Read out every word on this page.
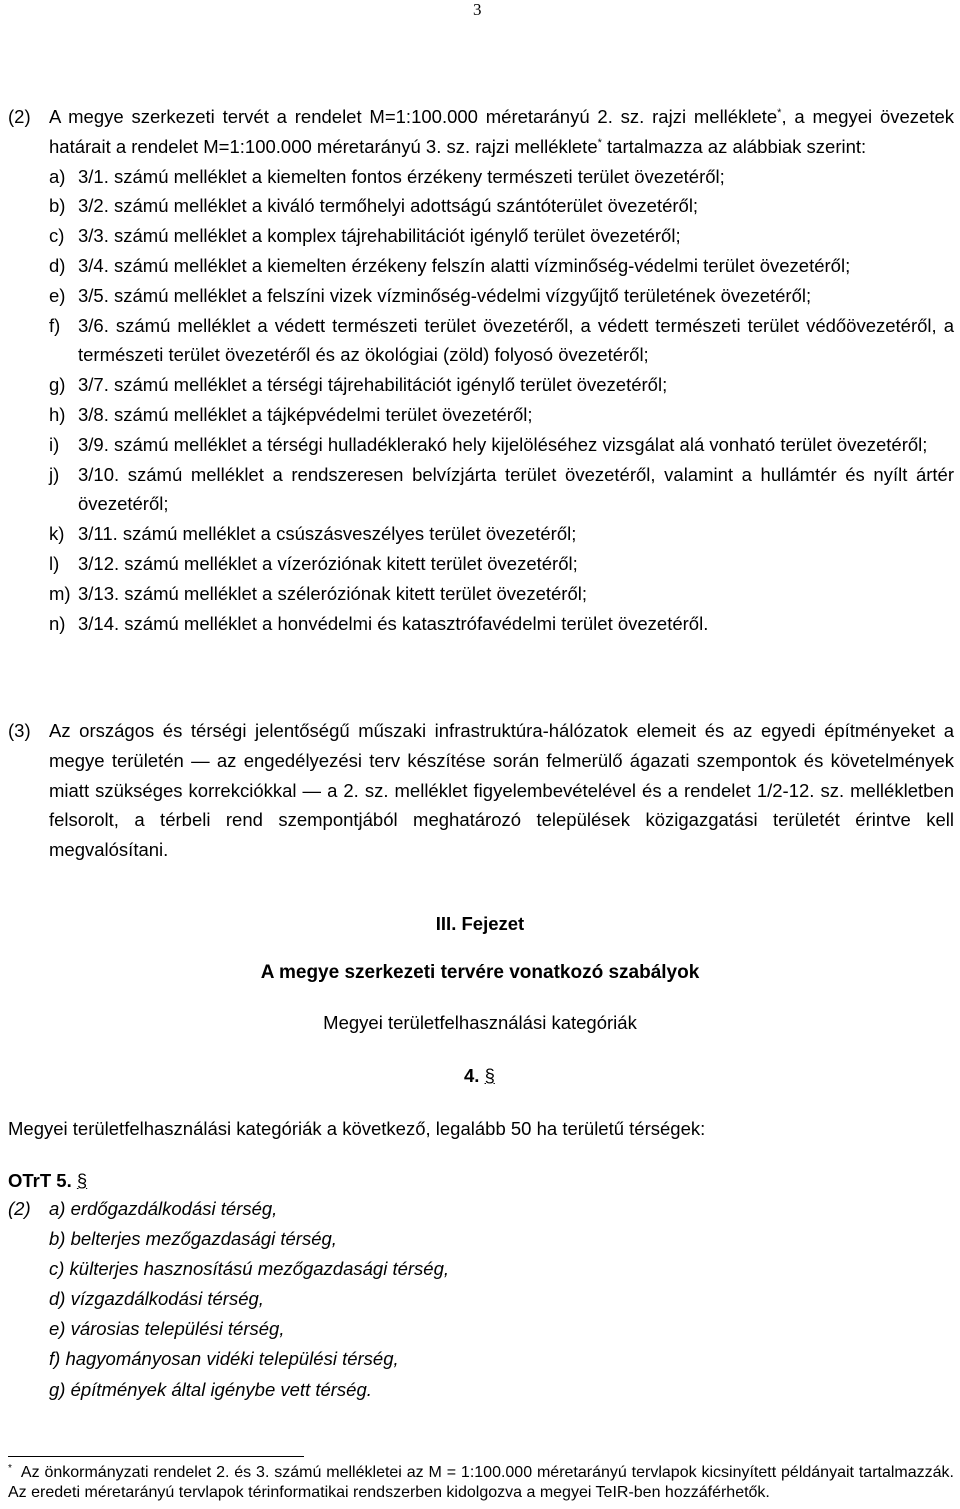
3
(2) A megye szerkezeti tervét a rendelet M=1:100.000 méretarányú 2. sz. rajzi melléklete*, a megyei övezetek határait a rendelet M=1:100.000 méretarányú 3. sz. rajzi melléklete* tartalmazza az alábbiak szerint:
a) 3/1. számú melléklet a kiemelten fontos érzékeny természeti terület övezetéről;
b) 3/2. számú melléklet a kiváló termőhelyi adottságú szántóterület övezetéről;
c) 3/3. számú melléklet a komplex tájrehabilitációt igénylő terület övezetéről;
d) 3/4. számú melléklet a kiemelten érzékeny felszín alatti vízminőség-védelmi terület övezetéről;
e) 3/5. számú melléklet a felszíni vizek vízminőség-védelmi vízgyűjtő területének övezetéről;
f) 3/6. számú melléklet a védett természeti terület övezetéről, a védett természeti terület védőövezetéről, a természeti terület övezetéről és az ökológiai (zöld) folyosó övezetéről;
g) 3/7. számú melléklet a térségi tájrehabilitációt igénylő terület övezetéről;
h) 3/8. számú melléklet a tájképvédelmi terület övezetéről;
i)	3/9. számú melléklet a térségi hulladéklerakó hely kijelöléséhez vizsgálat alá vonható terület övezetéről;
j)	3/10. számú melléklet a rendszeresen belvízjárta terület övezetéről, valamint a hullámtér és nyílt ártér övezetéről;
k) 3/11. számú melléklet a csúszásveszélyes terület övezetéről;
l)	3/12. számú melléklet a vízeróziónak kitett terület övezetéről;
m) 3/13. számú melléklet a széleróziónak kitett terület övezetéről;
n) 3/14. számú melléklet a honvédelmi és katasztrófavédelmi terület övezetéről.
(3) Az országos és térségi jelentőségű műszaki infrastruktúra-hálózatok elemeit és az egyedi építményeket a megye területén — az engedélyezési terv készítése során felmerülő ágazati szempontok és követelmények miatt szükséges korrekciókkal — a 2. sz. melléklet figyelembevételével és a rendelet 1/2-12. sz. mellékletben felsorolt, a térbeli rend szempontjából meghatározó települések közigazgatási területét érintve kell megvalósítani.
III. Fejezet
A megye szerkezeti tervére vonatkozó szabályok
Megyei területfelhasználási kategóriák
4. §
Megyei területfelhasználási kategóriák a következő, legalább 50 ha területű térségek:
OTrT 5. §
(2) a) erdőgazdálkodási térség,
b) belterjes mezőgazdasági térség,
c) külterjes hasznosítású mezőgazdasági térség,
d) vízgazdálkodási térség,
e) városias települési térség,
f) hagyományosan vidéki települési térség,
g) építmények által igénybe vett térség.
* Az önkormányzati rendelet 2. és 3. számú mellékletei az M = 1:100.000 méretarányú tervlapok kicsinyített példányait tartalmazzák. Az eredeti méretarányú tervlapok térinformatikai rendszerben kidolgozva a megyei TeIR-ben hozzáférhetők.
